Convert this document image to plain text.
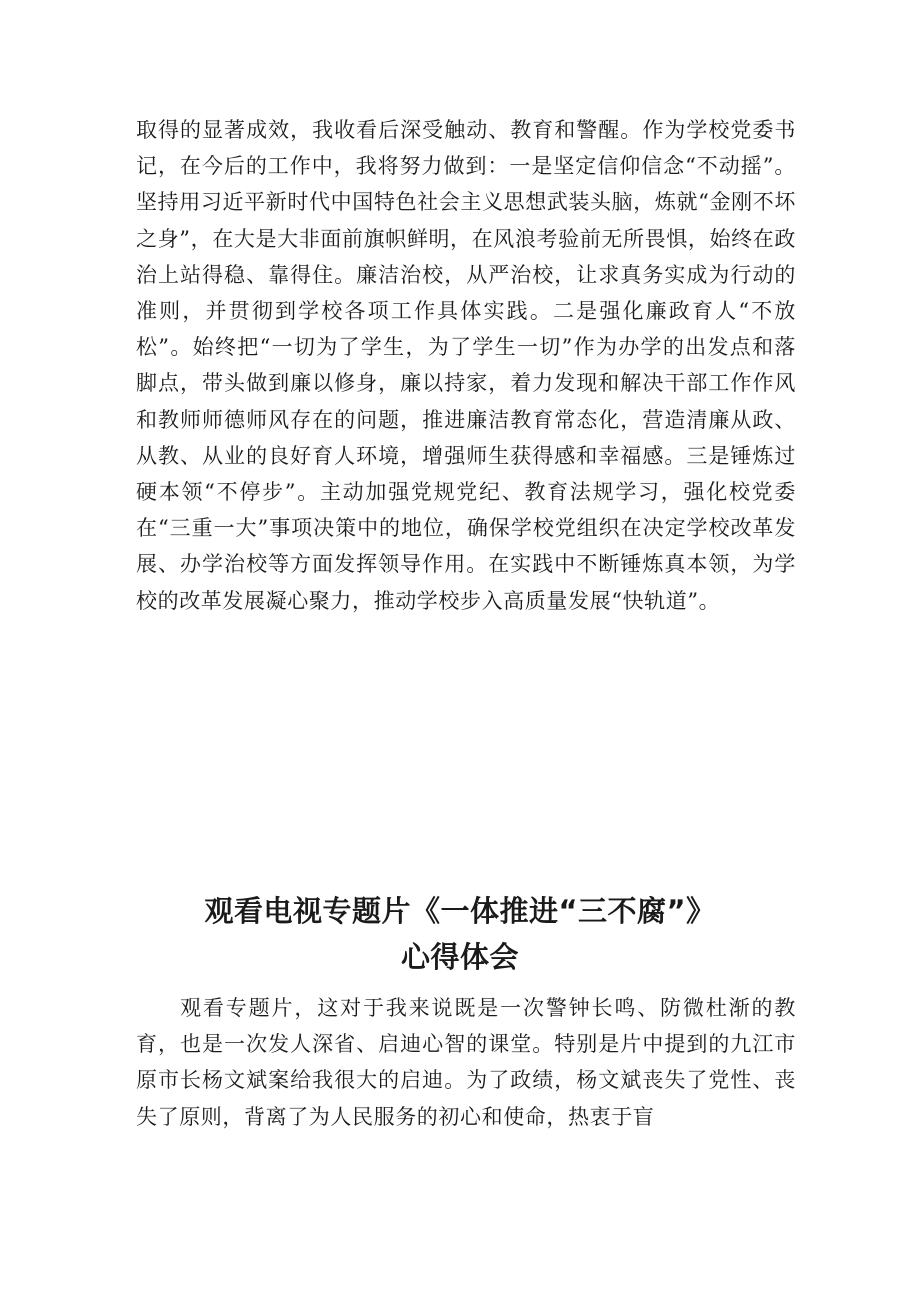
取得的显著成效，我收看后深受触动、教育和警醒。作为学校党委书记，在今后的工作中，我将努力做到：一是坚定信仰信念“不动摇”。坚持用习近平新时代中国特色社会主义思想武装头脑，炼就“金刚不坏之身”，在大是大非面前旗帜鲜明，在风浪考验前无所畏惧，始终在政治上站得稳、靠得住。廉洁治校，从严治校，让求真务实成为行动的准则，并贯彻到学校各项工作具体实践。二是强化廉政育人“不放松”。始终把“一切为了学生，为了学生一切”作为办学的出发点和落脚点，带头做到廉以修身，廉以持家，着力发现和解决干部工作作风和教师师德师风存在的问题，推进廉洁教育常态化，营造清廉从政、从教、从业的良好育人环境，增强师生获得感和幸福感。三是锤炼过硬本领“不停步”。主动加强党规党纪、教育法规学习，强化校党委在“三重一大”事项决策中的地位，确保学校党组织在决定学校改革发展、办学治校等方面发挥领导作用。在实践中不断锤炼真本领，为学校的改革发展凝心聚力，推动学校步入高质量发展“快轨道”。

观看电视专题片《一体推进“三不腐”》
心得体会

观看专题片，这对于我来说既是一次警钟长鸣、防微杜渐的教育，也是一次发人深省、启迪心智的课堂。特别是片中提到的九江市原市长杨文斌案给我很大的启迪。为了政绩，杨文斌丧失了党性、丧失了原则，背离了为人民服务的初心和使命，热衷于盲
